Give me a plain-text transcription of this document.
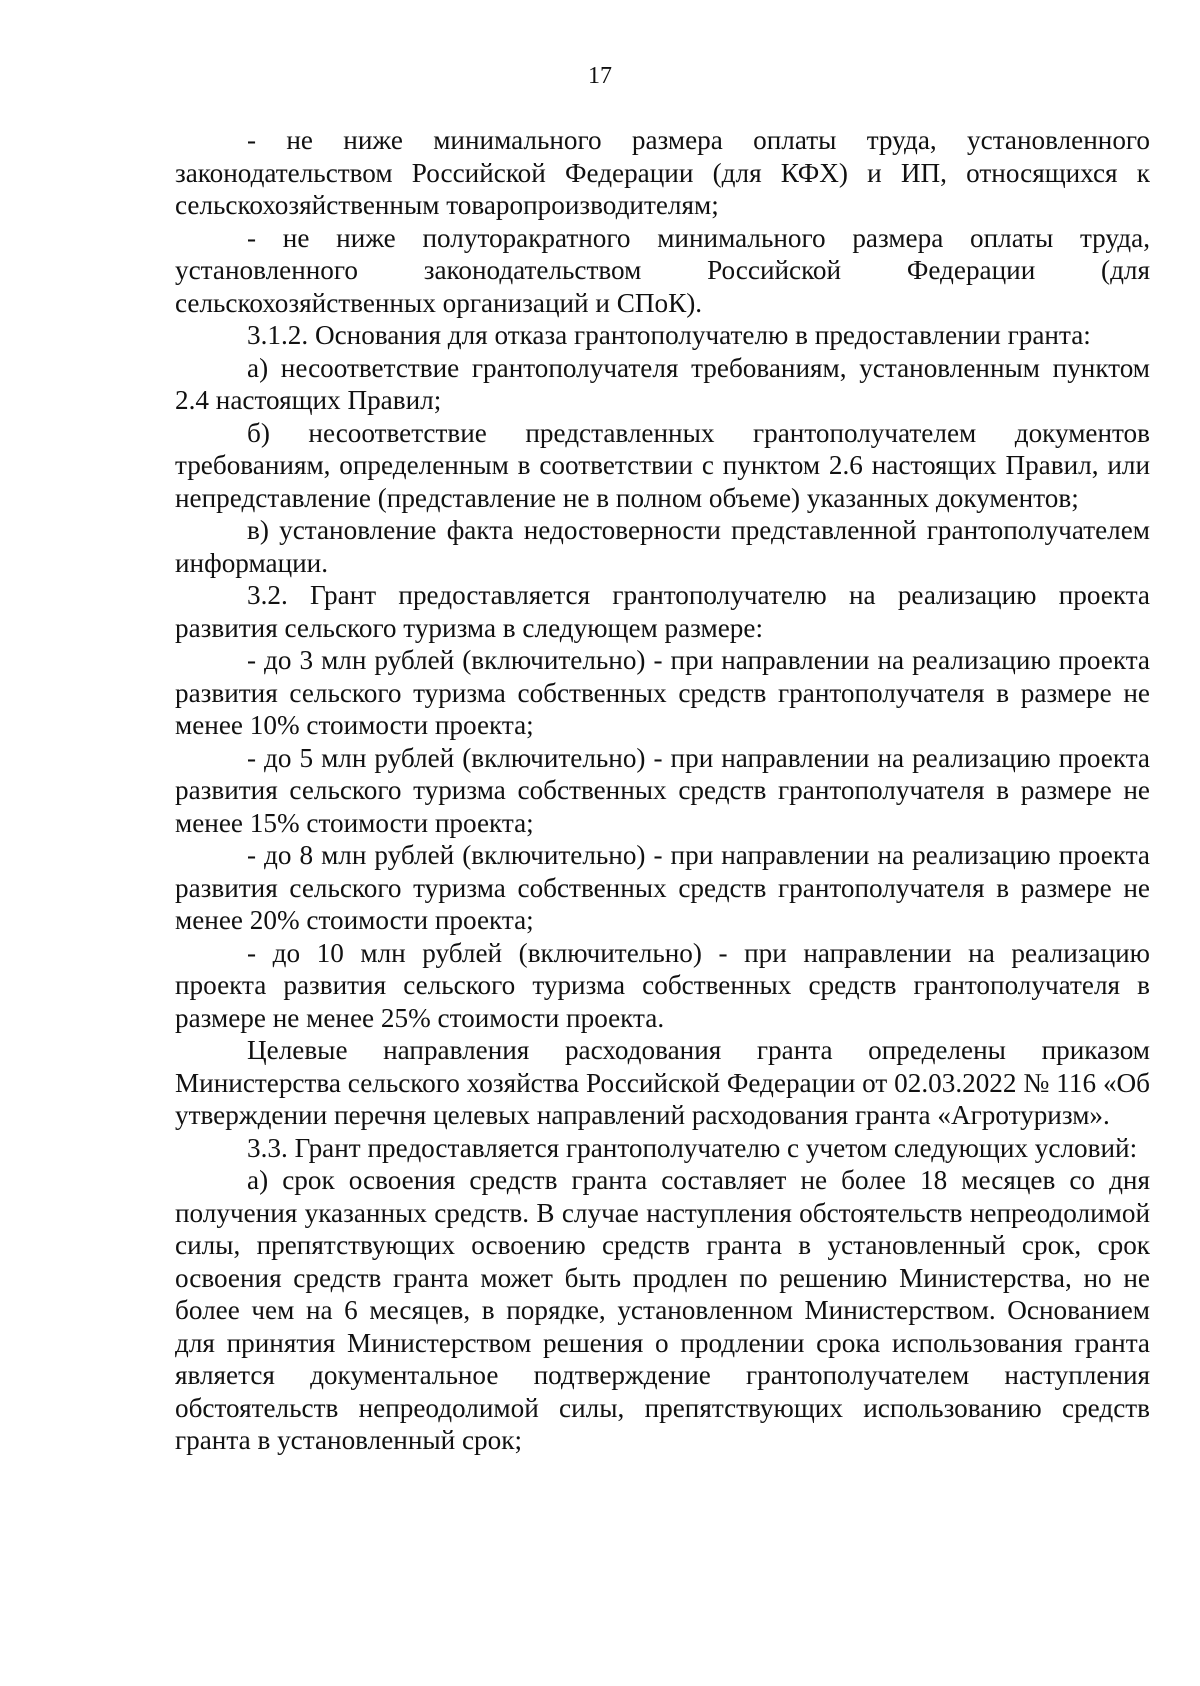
17

- не ниже минимального размера оплаты труда, установленного законодательством Российской Федерации (для КФХ) и ИП, относящихся к сельскохозяйственным товаропроизводителям;

- не ниже полуторакратного минимального размера оплаты труда, установленного законодательством Российской Федерации (для сельскохозяйственных организаций и СПоК).

3.1.2. Основания для отказа грантополучателю в предоставлении гранта:

а) несоответствие грантополучателя требованиям, установленным пунктом 2.4 настоящих Правил;

б) несоответствие представленных грантополучателем документов требованиям, определенным в соответствии с пунктом 2.6 настоящих Правил, или непредставление (представление не в полном объеме) указанных документов;

в) установление факта недостоверности представленной грантополучателем информации.

3.2. Грант предоставляется грантополучателю на реализацию проекта развития сельского туризма в следующем размере:

- до 3 млн рублей (включительно) - при направлении на реализацию проекта развития сельского туризма собственных средств грантополучателя в размере не менее 10% стоимости проекта;

- до 5 млн рублей (включительно) - при направлении на реализацию проекта развития сельского туризма собственных средств грантополучателя в размере не менее 15% стоимости проекта;

- до 8 млн рублей (включительно) - при направлении на реализацию проекта развития сельского туризма собственных средств грантополучателя в размере не менее 20% стоимости проекта;

- до 10 млн рублей (включительно) - при направлении на реализацию проекта развития сельского туризма собственных средств грантополучателя в размере не менее 25% стоимости проекта.

Целевые направления расходования гранта определены приказом Министерства сельского хозяйства Российской Федерации от 02.03.2022 № 116 «Об утверждении перечня целевых направлений расходования гранта «Агротуризм».

3.3. Грант предоставляется грантополучателю с учетом следующих условий:

а) срок освоения средств гранта составляет не более 18 месяцев со дня получения указанных средств. В случае наступления обстоятельств непреодолимой силы, препятствующих освоению средств гранта в установленный срок, срок освоения средств гранта может быть продлен по решению Министерства, но не более чем на 6 месяцев, в порядке, установленном Министерством. Основанием для принятия Министерством решения о продлении срока использования гранта является документальное подтверждение грантополучателем наступления обстоятельств непреодолимой силы, препятствующих использованию средств гранта в установленный срок;
